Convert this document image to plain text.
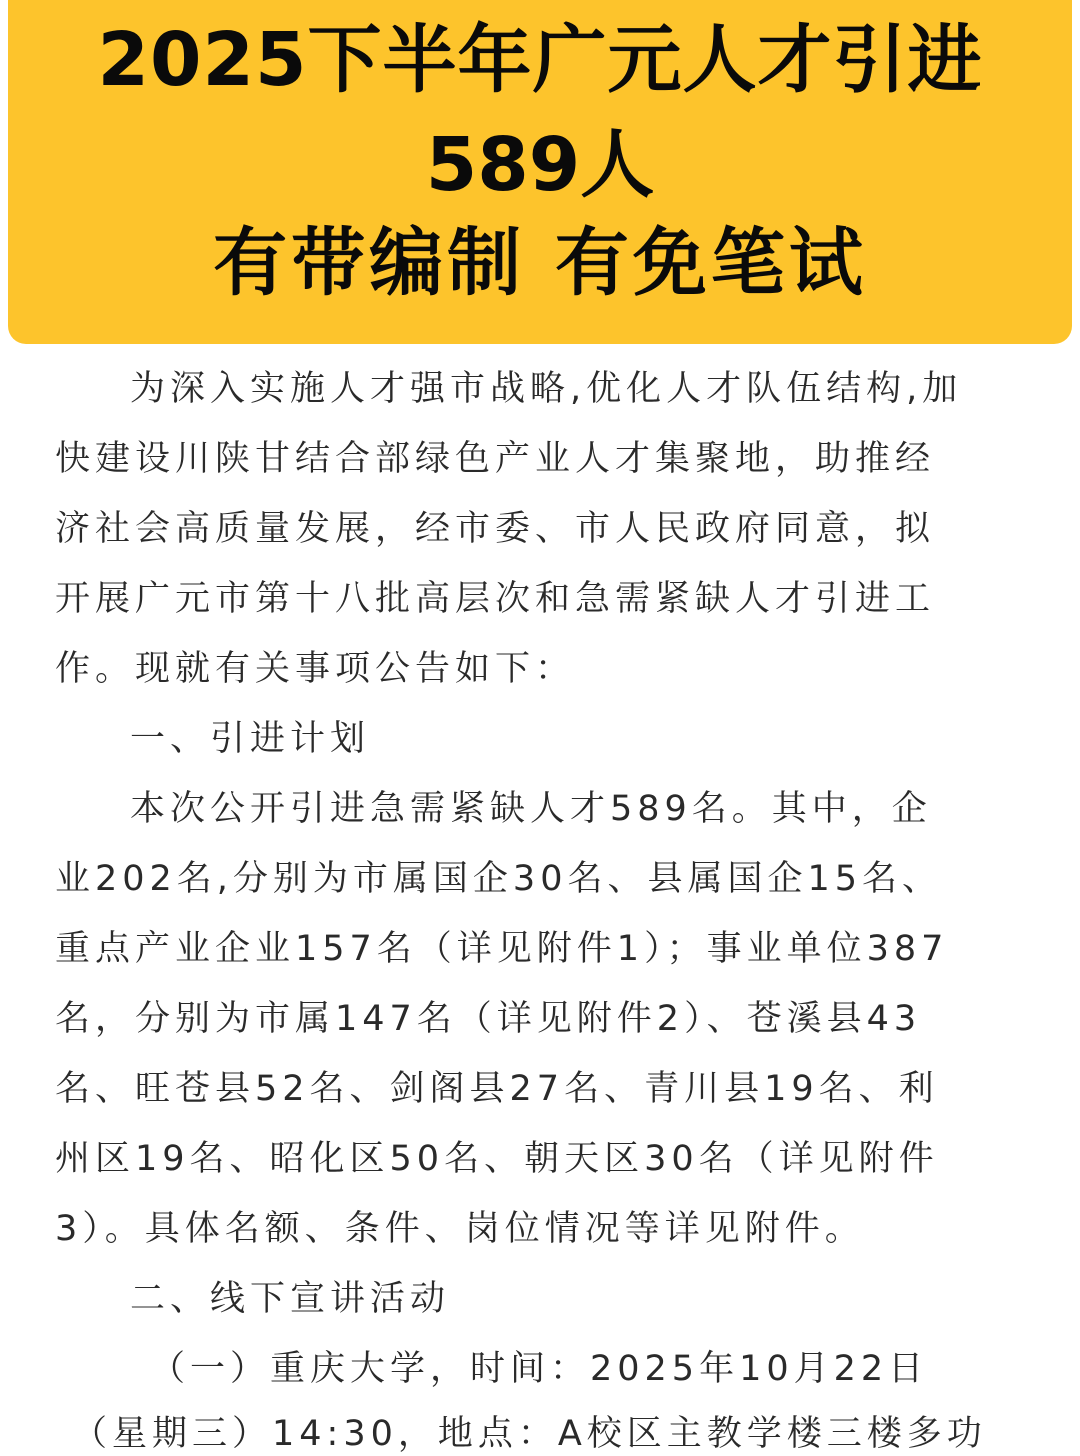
2025下半年广元人才引进
589人
有带编制 有免笔试
为深入实施人才强市战略,优化人才队伍结构,加
快建设川陕甘结合部绿色产业人才集聚地，助推经
济社会高质量发展，经市委、市人民政府同意，拟
开展广元市第十八批高层次和急需紧缺人才引进工
作。现就有关事项公告如下：
一、引进计划
本次公开引进急需紧缺人才589名。其中，企
业202名,分别为市属国企30名、县属国企15名、
重点产业企业157名（详见附件1）；事业单位387
名，分别为市属147名（详见附件2）、苍溪县43
名、旺苍县52名、剑阁县27名、青川县19名、利
州区19名、昭化区50名、朝天区30名（详见附件
3）。具体名额、条件、岗位情况等详见附件。
二、线下宣讲活动
（一）重庆大学，时间：2025年10月22日
（星期三）14:30，地点：A校区主教学楼三楼多功
